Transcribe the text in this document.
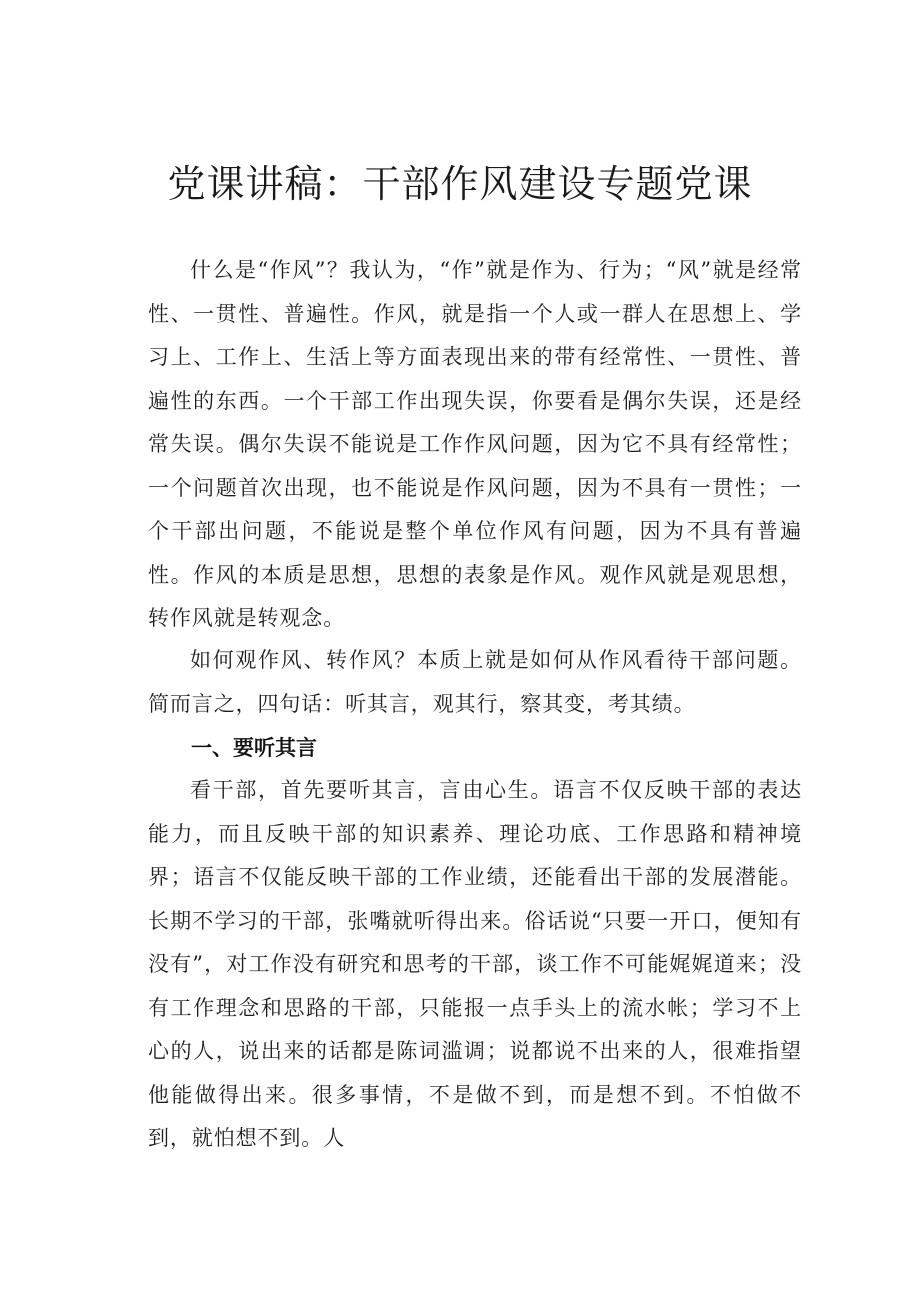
党课讲稿：干部作风建设专题党课

什么是“作风”？我认为，“作”就是作为、行为；“风”就是经常性、一贯性、普遍性。作风，就是指一个人或一群人在思想上、学习上、工作上、生活上等方面表现出来的带有经常性、一贯性、普遍性的东西。一个干部工作出现失误，你要看是偶尔失误，还是经常失误。偶尔失误不能说是工作作风问题，因为它不具有经常性；一个问题首次出现，也不能说是作风问题，因为不具有一贯性；一个干部出问题，不能说是整个单位作风有问题，因为不具有普遍性。作风的本质是思想，思想的表象是作风。观作风就是观思想，转作风就是转观念。

如何观作风、转作风？本质上就是如何从作风看待干部问题。简而言之，四句话：听其言，观其行，察其变，考其绩。

一、要听其言

看干部，首先要听其言，言由心生。语言不仅反映干部的表达能力，而且反映干部的知识素养、理论功底、工作思路和精神境界；语言不仅能反映干部的工作业绩，还能看出干部的发展潜能。长期不学习的干部，张嘴就听得出来。俗话说“只要一开口，便知有没有”，对工作没有研究和思考的干部，谈工作不可能娓娓道来；没有工作理念和思路的干部，只能报一点手头上的流水帐；学习不上心的人，说出来的话都是陈词滥调；说都说不出来的人，很难指望他能做得出来。很多事情，不是做不到，而是想不到。不怕做不到，就怕想不到。人
